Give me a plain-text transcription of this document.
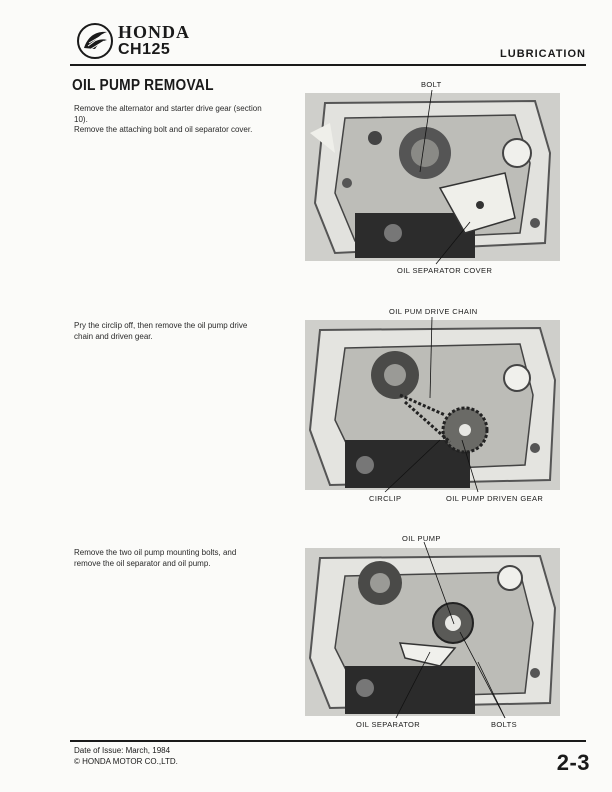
HONDA
CH125	LUBRICATION
OIL PUMP REMOVAL
Remove the alternator and starter drive gear (section 10).
Remove the attaching bolt and oil separator cover.
Pry the circlip off, then remove the oil pump drive chain and driven gear.
Remove the two oil pump mounting bolts, and remove the oil separator and oil pump.
BOLT
OIL SEPARATOR COVER
OIL PUM DRIVE CHAIN
CIRCLIP	OIL PUMP DRIVEN GEAR
OIL PUMP
OIL SEPARATOR	BOLTS
Date of Issue: March, 1984
© HONDA MOTOR CO.,LTD.	2-3
